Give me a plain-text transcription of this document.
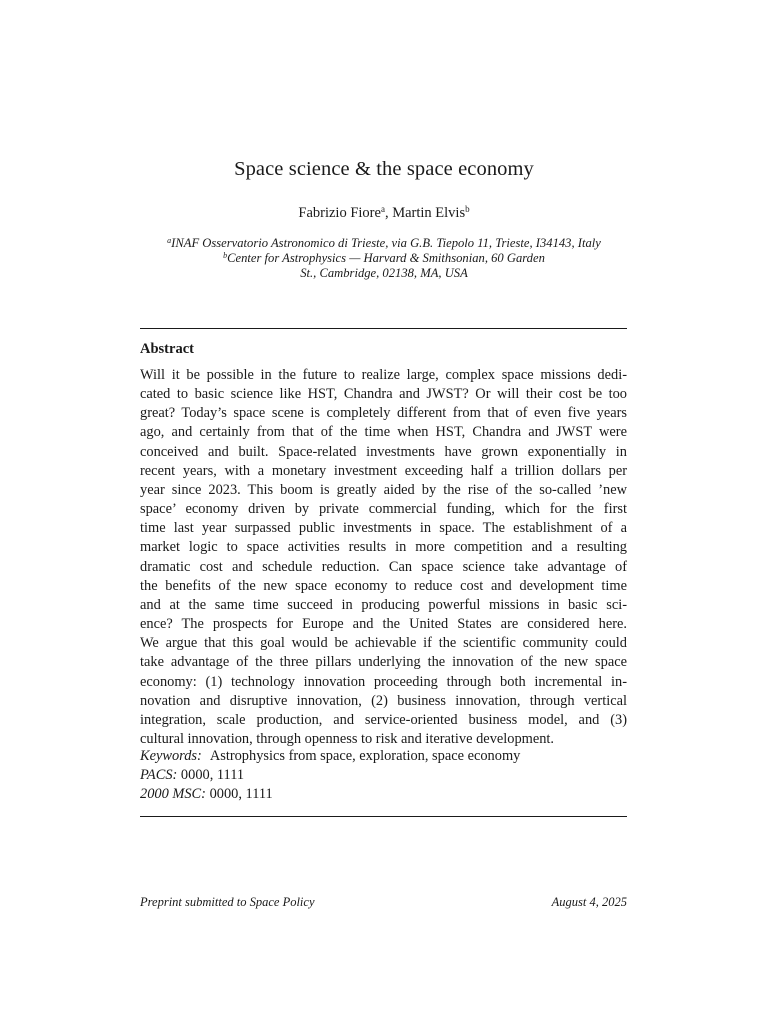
Space science & the space economy
Fabrizio Fiore$^a$, Martin Elvis$^b$
$^a$INAF Osservatorio Astronomico di Trieste, via G.B. Tiepolo 11, Trieste, I34143, Italy
$^b$Center for Astrophysics — Harvard & Smithsonian, 60 Garden
St., Cambridge, 02138, MA, USA
Abstract
Will it be possible in the future to realize large, complex space missions dedi-
cated to basic science like HST, Chandra and JWST? Or will their cost be too
great? Today’s space scene is completely different from that of even five years
ago, and certainly from that of the time when HST, Chandra and JWST were
conceived and built. Space-related investments have grown exponentially in
recent years, with a monetary investment exceeding half a trillion dollars per
year since 2023. This boom is greatly aided by the rise of the so-called ’new
space’ economy driven by private commercial funding, which for the first
time last year surpassed public investments in space. The establishment of a
market logic to space activities results in more competition and a resulting
dramatic cost and schedule reduction. Can space science take advantage of
the benefits of the new space economy to reduce cost and development time
and at the same time succeed in producing powerful missions in basic sci-
ence? The prospects for Europe and the United States are considered here.
We argue that this goal would be achievable if the scientific community could
take advantage of the three pillars underlying the innovation of the new space
economy: (1) technology innovation proceeding through both incremental in-
novation and disruptive innovation, (2) business innovation, through vertical
integration, scale production, and service-oriented business model, and (3)
cultural innovation, through openness to risk and iterative development.
Keywords: Astrophysics from space, exploration, space economy
PACS: 0000, 1111
2000 MSC: 0000, 1111
Preprint submitted to Space Policy	August 4, 2025
